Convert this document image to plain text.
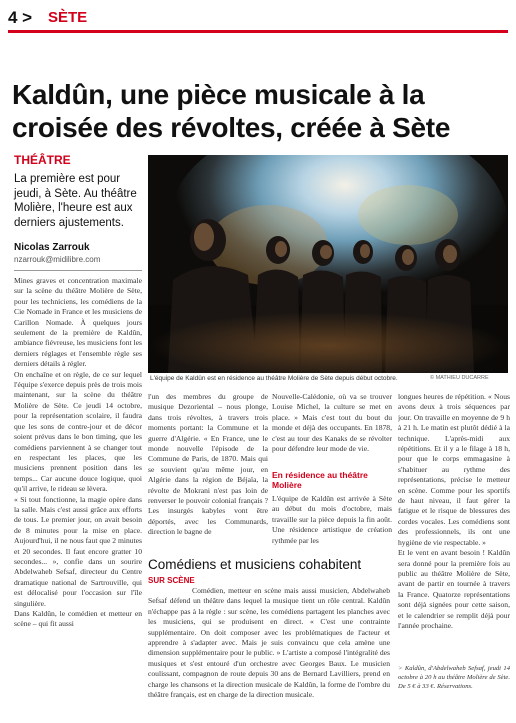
4 > SÈTE
Kaldûn, une pièce musicale à la croisée des révoltes, créée à Sète
THÉÂTRE
La première est pour jeudi, à Sète. Au théâtre Molière, l'heure est aux derniers ajustements.
Nicolas Zarrouk
nzarrouk@midilibre.com
Mines graves et concentration maximale sur la scène du théâtre Molière de Sète, pour les techniciens, les comédiens de la Cie Nomade in France et les musiciens de Carillon Nomade. À quelques jours seulement de la première de Kaldûn, ambiance fiévreuse, les musiciens font les derniers réglages et l'ensemble règle ses derniers détails à régler.
On enchaîne et on règle, de ce sur lequel l'équipe s'exerce depuis près de trois mois maintenant, sur la scène du théâtre Molière de Sète. Ce jeudi 14 octobre, pour la représentation scolaire, il faudra que les sons de contre-jour et de décor soient prévus dans le bon timing, que les comédiens parviennent à se changer tout en respectant les places, que les musiciens prennent position dans les temps... Car aucune douce logique, quoi qu'il arrive, le rideau se lèvera.
« Si tout fonctionne, la magie opère dans la salle. Mais c'est aussi grâce aux efforts de tous. Le premier jour, on avait besoin de 8 minutes pour la mise en place. Aujourd'hui, il ne nous faut que 2 minutes et 20 secondes. Il faut encore gratter 10 secondes... », confie dans un sourire Abdelwaheb Sefsaf, directeur du Centre dramatique national de Sartrouville, qui est délocalisé pour l'occasion sur l'île singulière.
Dans Kaldûn, le comédien et metteur en scène – qui fit aussi
L'équipe de Kaldûn est en résidence au théâtre Molière de Sète depuis début octobre.	© MATHIEU DUCARRE
l'un des membres du groupe de musique Dezoriental – nous plonge, dans trois révoltes, à travers trois moments portant: la Commune et la guerre d'Algérie. « En France, une le monde nouvelle l'épisode de la Commune de Paris, de 1870. Mais qui se souvient qu'au même jour, en Algérie dans la région de Béjaïa, la révolte de Mokrani n'est pas loin de renverser le pouvoir colonial français ? Les insurgés kabyles vont être déportés, avec les Communards, direction le bagne de
Nouvelle-Calédonie, où va se trouver Louise Michel, la culture se met en place. » Mais c'est tout du bout du monde et déjà des occupants. En 1878, c'est au tour des Kanaks de se révolter pour défendre leur mode de vie.
En résidence au théâtre Molière
L'équipe de Kaldûn est arrivée à Sète au début du mois d'octobre, mais travaille sur la pièce depuis la fin août. Une résidence artistique de création rythmée par les
longues heures de répétition. « Nous avons deux à trois séquences par jour. On travaille en moyenne de 9 h à 21 h. Le matin est plutôt dédié à la technique. L'après-midi aux répétitions. Et il y a le filage à 18 h, pour que le corps emmagasine à s'habituer au rythme des représentations, précise le metteur en scène. Comme pour les sportifs de haut niveau, il faut gérer la fatigue et le risque de blessures des cordes vocales. Les comédiens sont des professionnels, ils ont une hygiène de vie respectable. »
Et le vent en avant besoin ! Kaldûn sera donné pour la première fois au public au théâtre Molière de Sète, avant de partir en tournée à travers la France. Quatorze représentations sont déjà signées pour cette saison, et le calendrier se remplit déjà pour l'année prochaine.
> Kaldûn, d'Abdelwaheb Sefsaf, jeudi 14 octobre à 20 h au théâtre Molière de Sète. De 5 € à 33 €. Réservations.
Comédiens et musiciens cohabitent
SUR SCÈNE
Comédien, metteur en scène mais aussi musicien, Abdelwaheb Sefsaf défend un théâtre dans lequel la musique tient un rôle central. Kaldûn n'échappe pas à la règle : sur scène, les comédiens partagent les planches avec les musiciens, qui se produisent en direct. « C'est une contrainte supplémentaire. On doit composer avec les problématiques de l'acteur et apprendre à s'adapter avec. Mais je suis convaincu que cela amène une dimension supplémentaire pour le public. » L'artiste a composé l'intégralité des musiques et s'est entouré d'un orchestre avec Georges Baux. Le musicien coulissant, compagnon de route depuis 30 ans de Bernard Lavilliers, prend en charge les chansons et la direction musicale de Kaldûn, la forme de l'ombre du théâtre français, est en charge de la direction musicale.
